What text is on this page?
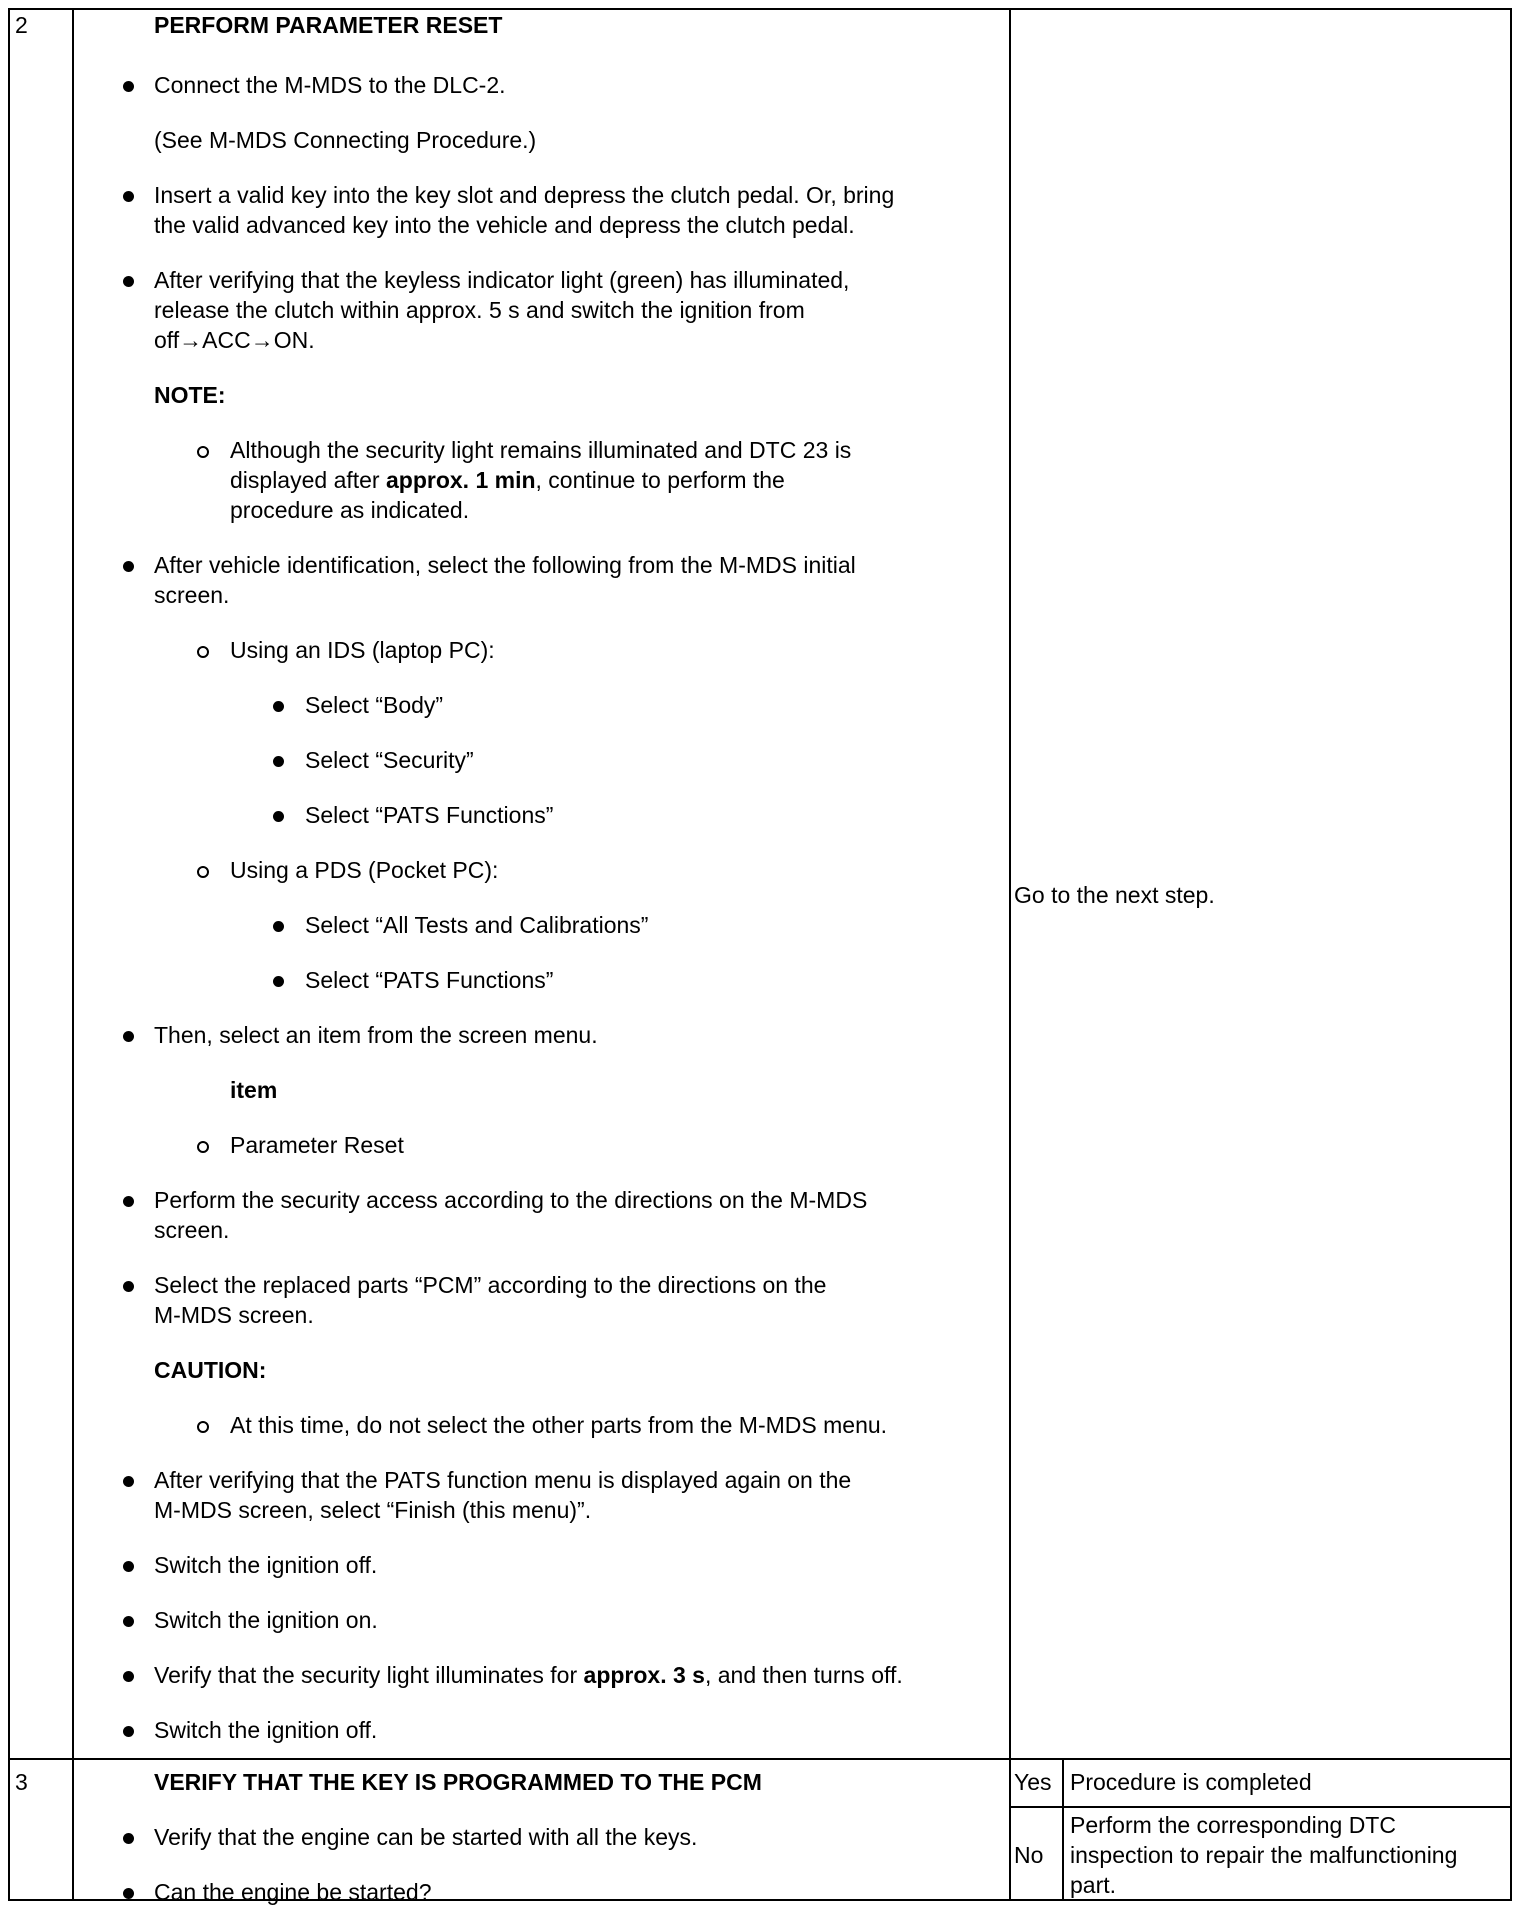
2	PERFORM PARAMETER RESET
Connect the M-MDS to the DLC-2.
(See M-MDS Connecting Procedure.)
Insert a valid key into the key slot and depress the clutch pedal. Or, bring
the valid advanced key into the vehicle and depress the clutch pedal.
After verifying that the keyless indicator light (green) has illuminated,
release the clutch within approx. 5 s and switch the ignition from
off→ACC→ON.
NOTE:
Although the security light remains illuminated and DTC 23 is
displayed after approx. 1 min, continue to perform the
procedure as indicated.
After vehicle identification, select the following from the M-MDS initial
screen.
Using an IDS (laptop PC):
Select “Body”
Select “Security”
Select “PATS Functions”
Using a PDS (Pocket PC):
Select “All Tests and Calibrations”
Select “PATS Functions”
Then, select an item from the screen menu.
item
Parameter Reset
Perform the security access according to the directions on the M-MDS
screen.
Select the replaced parts “PCM” according to the directions on the
M-MDS screen.
CAUTION:
At this time, do not select the other parts from the M-MDS menu.
After verifying that the PATS function menu is displayed again on the
M-MDS screen, select “Finish (this menu)”.
Switch the ignition off.
Switch the ignition on.
Verify that the security light illuminates for approx. 3 s, and then turns off.
Switch the ignition off.
Go to the next step.
3	VERIFY THAT THE KEY IS PROGRAMMED TO THE PCM
Verify that the engine can be started with all the keys.
Can the engine be started?
Yes Procedure is completed
No
Perform the corresponding DTC
inspection to repair the malfunctioning
part.
